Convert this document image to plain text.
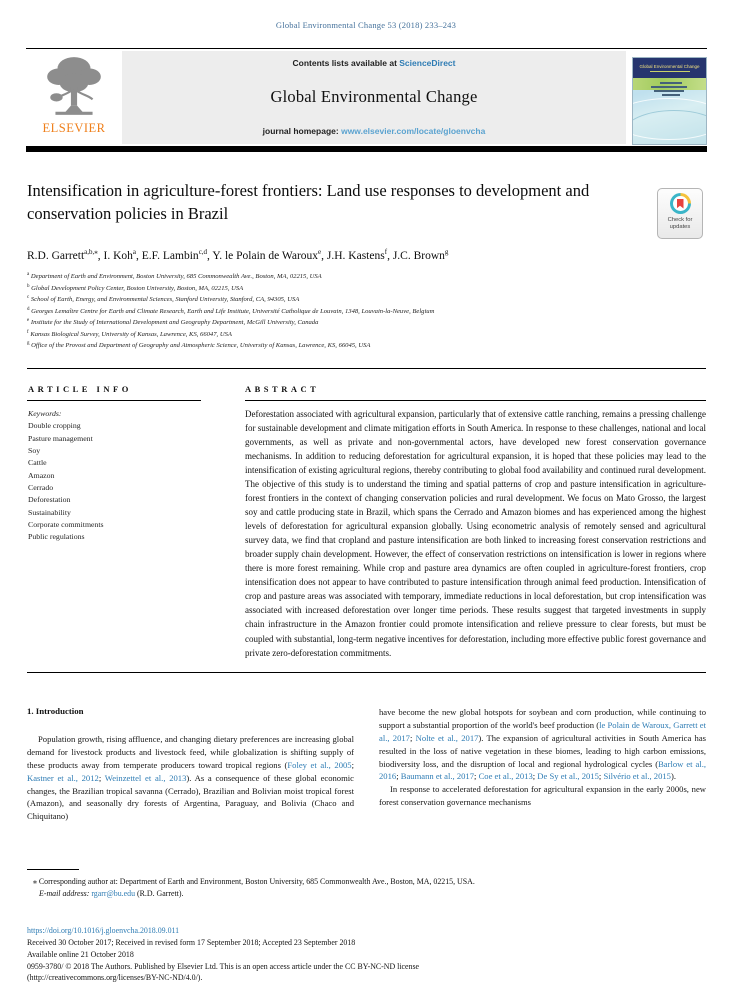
Global Environmental Change 53 (2018) 233–243
ELSEVIER
Contents lists available at ScienceDirect
Global Environmental Change
journal homepage: www.elsevier.com/locate/gloenvcha
Global Environmental Change
Intensification in agriculture-forest frontiers: Land use responses to development and conservation policies in Brazil	Check for updates
R.D. Garrett$^{a,b,⁎}$, I. Koh$^a$, E.F. Lambin$^{c,d}$, Y. le Polain de Waroux$^e$, J.H. Kastens$^f$, J.C. Brown$^g$
$^a$ Department of Earth and Environment, Boston University, 685 Commonwealth Ave., Boston, MA, 02215, USA
$^b$ Global Development Policy Center, Boston University, Boston, MA, 02215, USA
$^c$ School of Earth, Energy, and Environmental Sciences, Stanford University, Stanford, CA, 94305, USA
$^d$ Georges Lemaître Centre for Earth and Climate Research, Earth and Life Institute, Université Catholique de Louvain, 1348, Louvain-la-Neuve, Belgium
$^e$ Institute for the Study of International Development and Geography Department, McGill University, Canada
$^f$ Kansas Biological Survey, University of Kansas, Lawrence, KS, 66047, USA
$^g$ Office of the Provost and Department of Geography and Atmospheric Science, University of Kansas, Lawrence, KS, 66045, USA
ARTICLE INFO	ABSTRACT
Keywords:
Double cropping
Pasture management
Soy
Cattle
Amazon
Cerrado
Deforestation
Sustainability
Corporate commitments
Public regulations
Deforestation associated with agricultural expansion, particularly that of extensive cattle ranching, remains a pressing challenge for sustainable development and climate mitigation efforts in South America. In response to these challenges, national and local governments, as well as private and non-governmental actors, have developed new forest conservation governance mechanisms. In addition to reducing deforestation for agricultural expansion, it is hoped that these policies may lead to the intensification of existing agricultural regions, thereby contributing to global food availability and continued rural development. The objective of this study is to understand the timing and spatial patterns of crop and pasture intensification in agriculture-forest frontiers in the context of changing conservation policies and rural development. We focus on Mato Grosso, the largest soy and cattle producing state in Brazil, which spans the Cerrado and Amazon biomes and has experienced among the highest levels of deforestation for agricultural expansion globally. Using econometric analysis of remotely sensed and agricultural survey data, we find that cropland and pasture intensification are both linked to increasing forest conservation restrictions and broader supply chain development. However, the effect of conservation restrictions on intensification is lower in regions where there is more forest remaining. While crop and pasture area dynamics are often coupled in agriculture-forest frontiers, crop intensification does not appear to have contributed to pasture intensification through animal feed production. Intensification of crop and pasture areas was associated with temporary, immediate reductions in local deforestation, but crop intensification was associated with increased deforestation over longer time periods. These results suggest that targeted investments in supply chain infrastructure in the Amazon frontier could promote intensification and relieve pressure to clear forests, but must be coupled with substantial, long-term negative incentives for deforestation, including more effective public forest governance and private zero-deforestation commitments.
1. Introduction

Population growth, rising affluence, and changing dietary preferences are increasing global demand for livestock products and livestock feed, while globalization is shifting supply of these products away from temperate producers toward tropical regions (Foley et al., 2005; Kastner et al., 2012; Weinzettel et al., 2013). As a consequence of these global economic changes, the Brazilian tropical savanna (Cerrado), Brazilian and Bolivian moist tropical forest (Amazon), and seasonally dry forests of Argentina, Paraguay, and Bolivia (Chaco and Chiquitano)

have become the new global hotspots for soybean and corn production, while continuing to support a substantial proportion of the world's beef production (le Polain de Waroux, Garrett et al., 2017; Nolte et al., 2017). The expansion of agricultural activities in South America has resulted in the loss of native vegetation in these biomes, leading to high carbon emissions, biodiversity loss, and the disruption of local and regional hydrological cycles (Barlow et al., 2016; Baumann et al., 2017; Coe et al., 2013; De Sy et al., 2015; Silvério et al., 2015).

In response to accelerated deforestation for agricultural expansion in the early 2000s, new forest conservation governance mechanisms

⁎ Corresponding author at: Department of Earth and Environment, Boston University, 685 Commonwealth Ave., Boston, MA, 02215, USA.
E-mail address: rgarr@bu.edu (R.D. Garrett).
https://doi.org/10.1016/j.gloenvcha.2018.09.011
Received 30 October 2017; Received in revised form 17 September 2018; Accepted 23 September 2018
Available online 21 October 2018
0959-3780/ © 2018 The Authors. Published by Elsevier Ltd. This is an open access article under the CC BY-NC-ND license
(http://creativecommons.org/licenses/BY-NC-ND/4.0/).
